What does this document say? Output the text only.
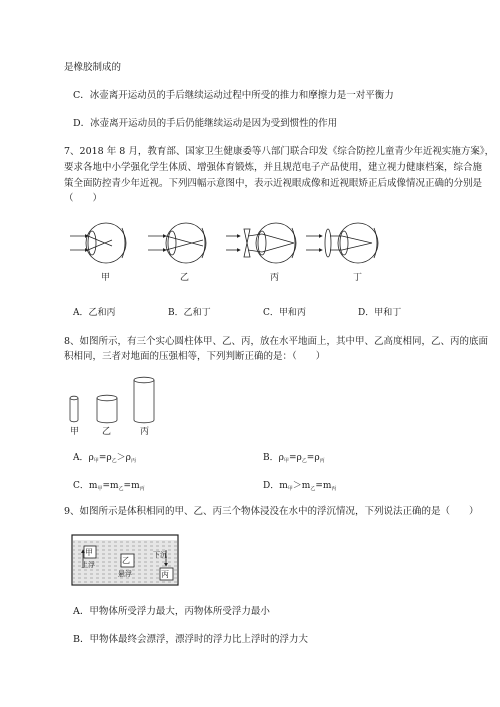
是橡胶制成的
C．冰壶离开运动员的手后继续运动过程中所受的推力和摩擦力是一对平衡力
D．冰壶离开运动员的手后仍能继续运动是因为受到惯性的作用
7、2018 年 8 月，教育部、国家卫生健康委等八部门联合印发《综合防控儿童青少年近视实施方案》，
要求各地中小学强化学生体质、增强体育锻炼，并且规范电子产品使用，建立视力健康档案，综合施
策全面防控青少年近视。下列四幅示意图中，表示近视眼成像和近视眼矫正后成像情况正确的分别是
（　　）
甲	乙	丙	丁
A．乙和丙	B．乙和丁	C．甲和丙	D．甲和丁
8、如图所示，有三个实心圆柱体甲、乙、丙，放在水平地面上，其中甲、乙高度相同，乙、丙的底面
积相同，三者对地面的压强相等，下列判断正确的是：（　　）
甲	乙	丙
A．$\rho_甲=\rho_乙>\rho_丙$	B．$\rho_甲=\rho_乙=\rho_丙$
C．$m_甲=m_乙=m_丙$	D．$m_甲>m_乙=m_丙$
9、如图所示是体积相同的甲、乙、丙三个物体浸没在水中的浮沉情况，下列说法正确的是（　　）
甲
上浮	乙
悬浮
下沉
丙
A．甲物体所受浮力最大，丙物体所受浮力最小
B．甲物体最终会漂浮，漂浮时的浮力比上浮时的浮力大
